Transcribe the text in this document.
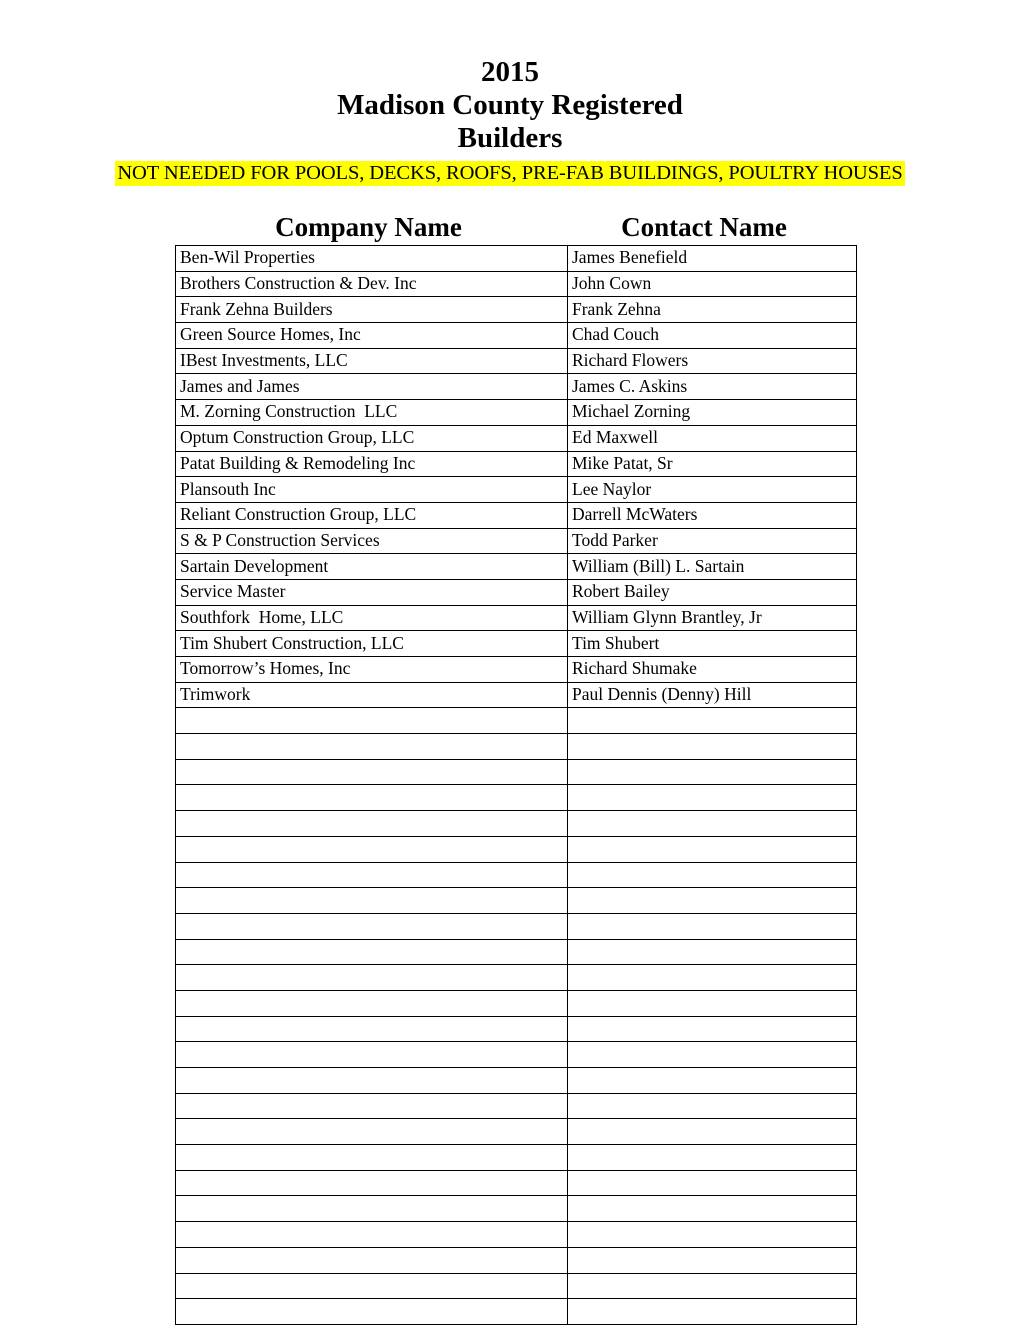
2015
Madison County Registered
Builders
NOT NEEDED FOR POOLS, DECKS, ROOFS, PRE-FAB BUILDINGS, POULTRY HOUSES
Company Name	Contact Name
Ben-Wil Properties	James Benefield
Brothers Construction & Dev. Inc	John Cown
Frank Zehna Builders	Frank Zehna
Green Source Homes, Inc	Chad Couch
IBest Investments, LLC	Richard Flowers
James and James	James C. Askins
M. Zorning Construction  LLC	Michael Zorning
Optum Construction Group, LLC	Ed Maxwell
Patat Building & Remodeling Inc	Mike Patat, Sr
Plansouth Inc	Lee Naylor
Reliant Construction Group, LLC	Darrell McWaters
S & P Construction Services	Todd Parker
Sartain Development	William (Bill) L. Sartain
Service Master	Robert Bailey
Southfork  Home, LLC	William Glynn Brantley, Jr
Tim Shubert Construction, LLC	Tim Shubert
Tomorrow’s Homes, Inc	Richard Shumake
Trimwork	Paul Dennis (Denny) Hill
